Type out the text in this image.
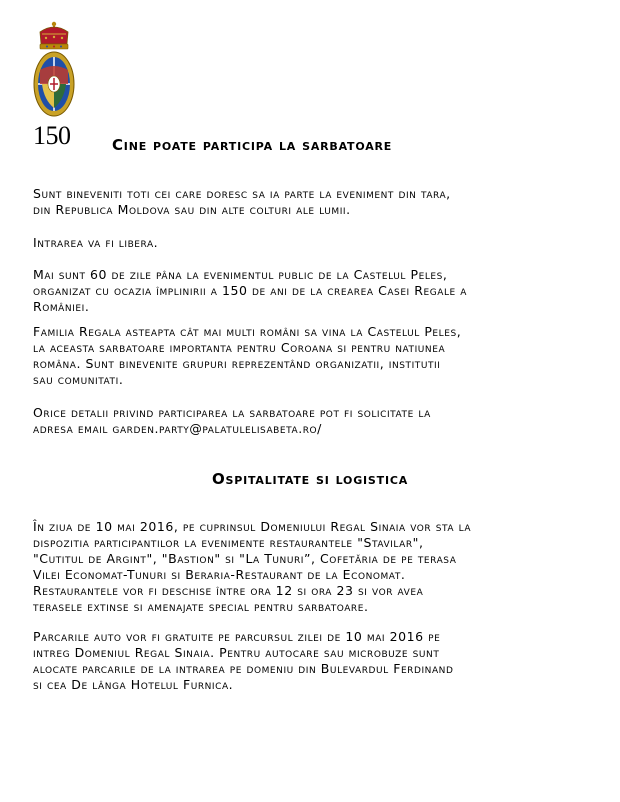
150	Cine poate participa la sarbatoare
Sunt bineveniti toti cei care doresc sa ia parte la eveniment din tara,
din Republica Moldova sau din alte colturi ale lumii.
Intrarea va fi libera.
Mai sunt 60 de zile pâna la evenimentul public de la Castelul Peles,
organizat cu ocazia împlinirii a 150 de ani de la crearea Casei Regale a
României.
Familia Regala asteapta cât mai multi români sa vina la Castelul Peles,
la aceasta sarbatoare importanta pentru Coroana si pentru natiunea
româna. Sunt binevenite grupuri reprezentând organizatii, institutii
sau comunitati.
Orice detalii privind participarea la sarbatoare pot fi solicitate la
adresa email garden.party@palatulelisabeta.ro/
Ospitalitate si logistica
În ziua de 10 mai 2016, pe cuprinsul Domeniului Regal Sinaia vor sta la
dispozitia participantilor la evenimente restaurantele "Stavilar",
"Cutitul de Argint", "Bastion" si "La Tunuri”, Cofetăria de pe terasa
Vilei Economat-Tunuri si Beraria-Restaurant de la Economat.
Restaurantele vor fi deschise între ora 12 si ora 23 si vor avea
terasele extinse si amenajate special pentru sarbatoare.
Parcarile auto vor fi gratuite pe parcursul zilei de 10 mai 2016 pe
intreg Domeniul Regal Sinaia. Pentru autocare sau microbuze sunt
alocate parcarile de la intrarea pe domeniu din Bulevardul Ferdinand
si cea De lânga Hotelul Furnica.
